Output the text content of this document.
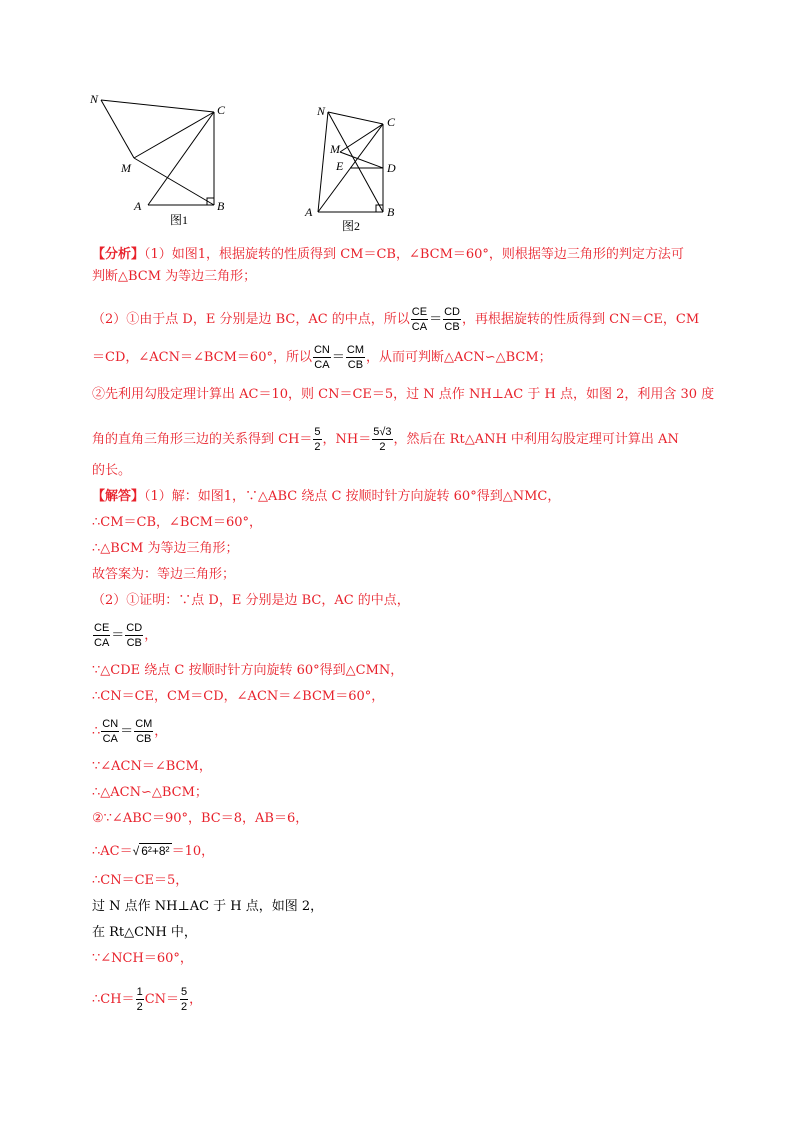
N
C
M
A	B
图1
N
C
M
E	D
A	B
图2
【分析】（1）如图1，根据旋转的性质得到 CM＝CB，∠BCM＝60°，则根据等边三角形的判定方法可
判断△BCM 为等边三角形；
（2）①由于点 D，E 分别是边 BC，AC 的中点，所以 $\frac{CE}{CA} = \frac{CD}{CB}$ ，再根据旋转的性质得到 CN＝CE，CM
＝CD，∠ACN＝∠BCM＝60°，所以 $\frac{CN}{CA} = \frac{CM}{CB}$ ，从而可判断△ACN∽△BCM；
②先利用勾股定理计算出 AC＝10，则 CN＝CE＝5，过 N 点作 NH⊥AC 于 H 点，如图 2，利用含 30 度
角的直角三角形三边的关系得到 $CH= \frac{5}{2}$ ，$NH= \frac{5√3}{2}$ ，然后在 Rt△ANH 中利用勾股定理可计算出 AN
的长。
【解答】（1）解：如图1，∵△ABC 绕点 C 按顺时针方向旋转 60°得到△NMC，
∴CM＝CB，∠BCM＝60°，
∴△BCM 为等边三角形；
故答案为：等边三角形；
（2）①证明：∵点 D，E 分别是边 BC，AC 的中点，
$\frac{CE}{CA} = \frac{CD}{CB}$ ，
∵△CDE 绕点 C 按顺时针方向旋转 60°得到△CMN，
∴CN＝CE，CM＝CD，∠ACN＝∠BCM＝60°，
∴ $\frac{CN}{CA} = \frac{CM}{CB}$ ，
∵∠ACN＝∠BCM，
∴△ACN∽△BCM；
②∵∠ABC＝90°，BC＝8，AB＝6，
∴AC＝√ 6²+8² ＝10，
∴CN＝CE＝5，
过 N 点作 NH⊥AC 于 H 点，如图 2，
在 Rt△CNH 中，
∵∠NCH＝60°，
∴CH＝ $\frac{1}{2} CN= \frac{5}{2}$ ，
